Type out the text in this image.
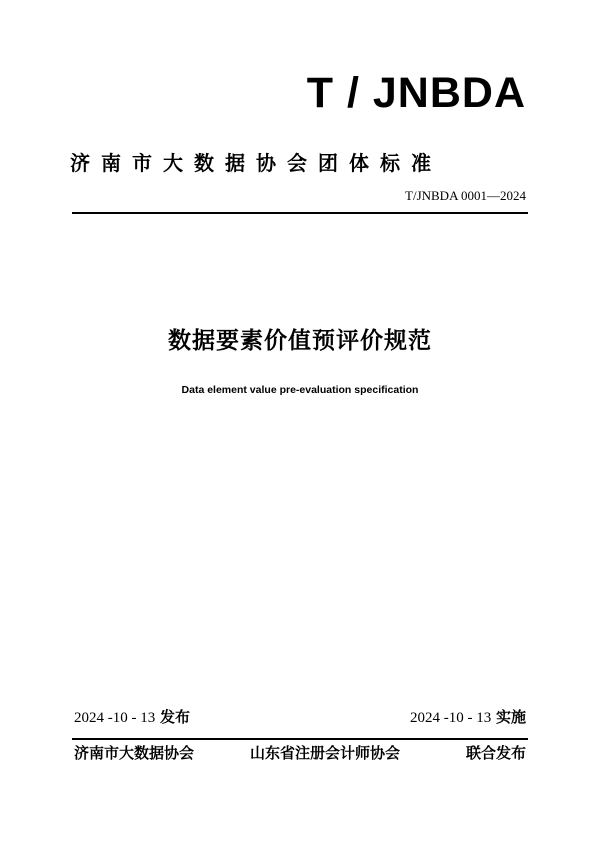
T / JNBDA
济南市大数据协会团体标准
T/JNBDA 0001—2024
数据要素价值预评价规范
Data element value pre-evaluation specification
2024 -10 - 13 发布	2024 -10 - 13 实施
济南市大数据协会	山东省注册会计师协会	联合发布
